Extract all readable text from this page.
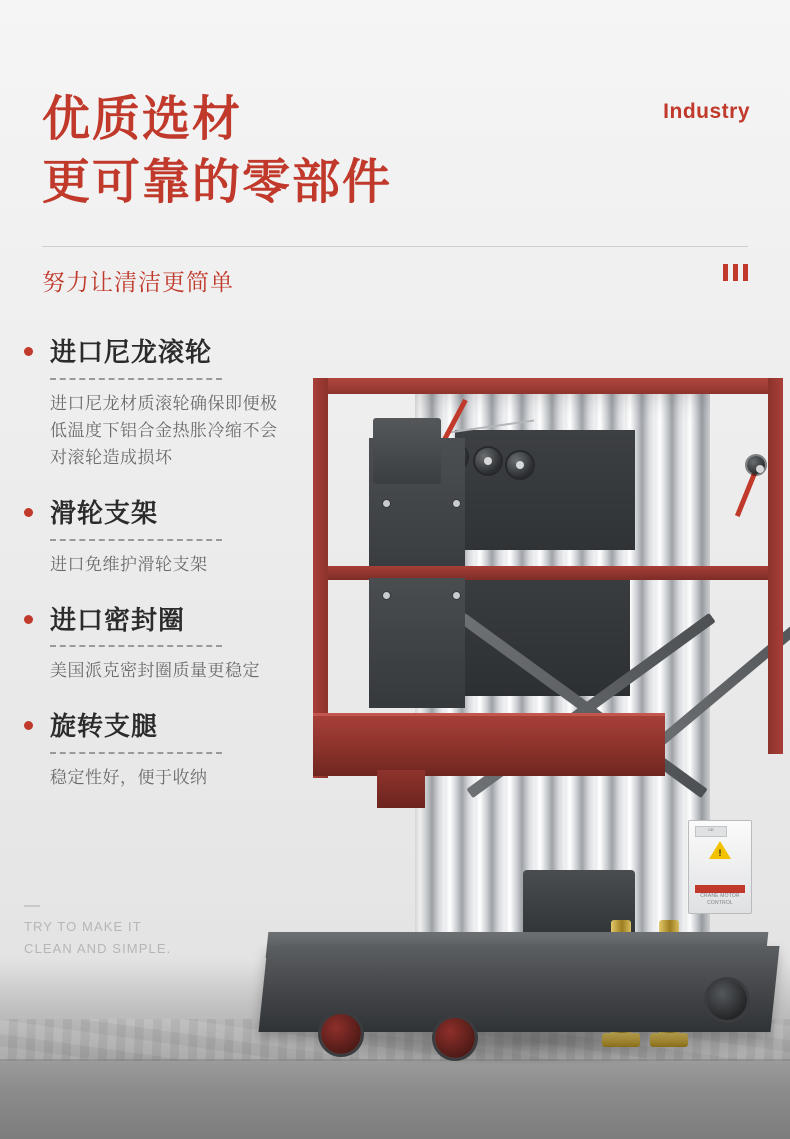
Industry
优质选材
更可靠的零部件
努力让清洁更简单
进口尼龙滚轮
进口尼龙材质滚轮确保即便极低温度下铝合金热胀冷缩不会对滚轮造成损坏
滑轮支架
进口免维护滑轮支架
进口密封圈
美国派克密封圈质量更稳定
旋转支腿
稳定性好，便于收纳
TRY TO MAKE IT
CLEAN AND SIMPLE.
CE
!
CRANE MOTOR CONTROL
